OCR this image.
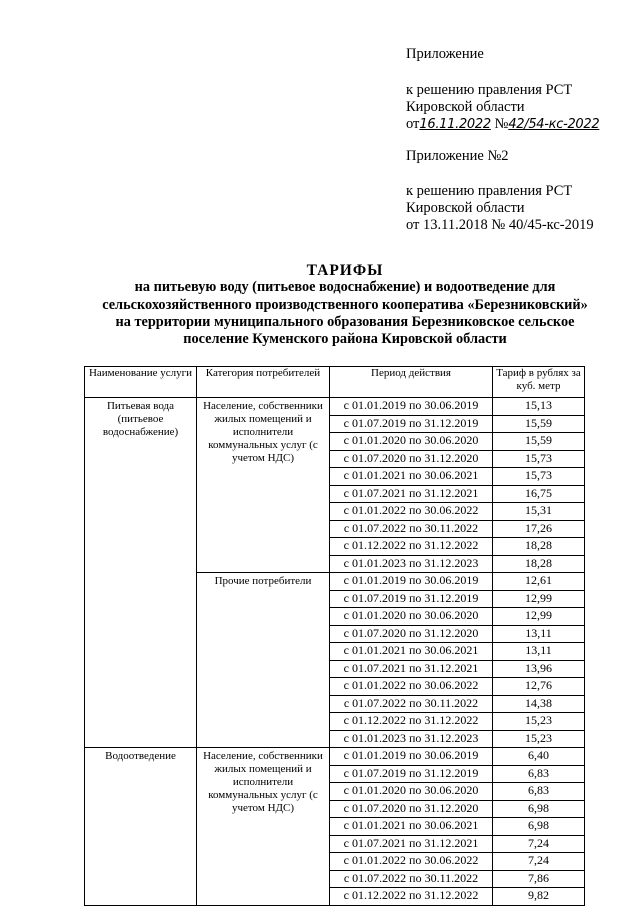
Приложение
к решению правления РСТ
Кировской области
от16.11.2022 №42/54-кс-2022
Приложение №2
к решению правления РСТ
Кировской области
от 13.11.2018 № 40/45-кс-2019
ТАРИФЫ
на питьевую воду (питьевое водоснабжение) и водоотведение для сельскохозяйственного производственного кооператива «Березниковский» на территории муниципального образования Березниковское сельское поселение Куменского района Кировской области
Наименование услуги	Категория потребителей	Период действия	Тариф в рублях за куб. метр
Питьевая вода (питьевое водоснабжение)	Население, собственники жилых помещений и исполнители коммунальных услуг (с учетом НДС)	с 01.01.2019 по 30.06.2019	15,13
		с 01.07.2019 по 31.12.2019	15,59
		с 01.01.2020 по 30.06.2020	15,59
		с 01.07.2020 по 31.12.2020	15,73
		с 01.01.2021 по 30.06.2021	15,73
		с 01.07.2021 по 31.12.2021	16,75
		с 01.01.2022 по 30.06.2022	15,31
		с 01.07.2022 по 30.11.2022	17,26
		с 01.12.2022 по 31.12.2022	18,28
		с 01.01.2023 по 31.12.2023	18,28
	Прочие потребители	с 01.01.2019 по 30.06.2019	12,61
		с 01.07.2019 по 31.12.2019	12,99
		с 01.01.2020 по 30.06.2020	12,99
		с 01.07.2020 по 31.12.2020	13,11
		с 01.01.2021 по 30.06.2021	13,11
		с 01.07.2021 по 31.12.2021	13,96
		с 01.01.2022 по 30.06.2022	12,76
		с 01.07.2022 по 30.11.2022	14,38
		с 01.12.2022 по 31.12.2022	15,23
		с 01.01.2023 по 31.12.2023	15,23
Водоотведение	Население, собственники жилых помещений и исполнители коммунальных услуг (с учетом НДС)	с 01.01.2019 по 30.06.2019	6,40
		с 01.07.2019 по 31.12.2019	6,83
		с 01.01.2020 по 30.06.2020	6,83
		с 01.07.2020 по 31.12.2020	6,98
		с 01.01.2021 по 30.06.2021	6,98
		с 01.07.2021 по 31.12.2021	7,24
		с 01.01.2022 по 30.06.2022	7,24
		с 01.07.2022 по 30.11.2022	7,86
		с 01.12.2022 по 31.12.2022	9,82
